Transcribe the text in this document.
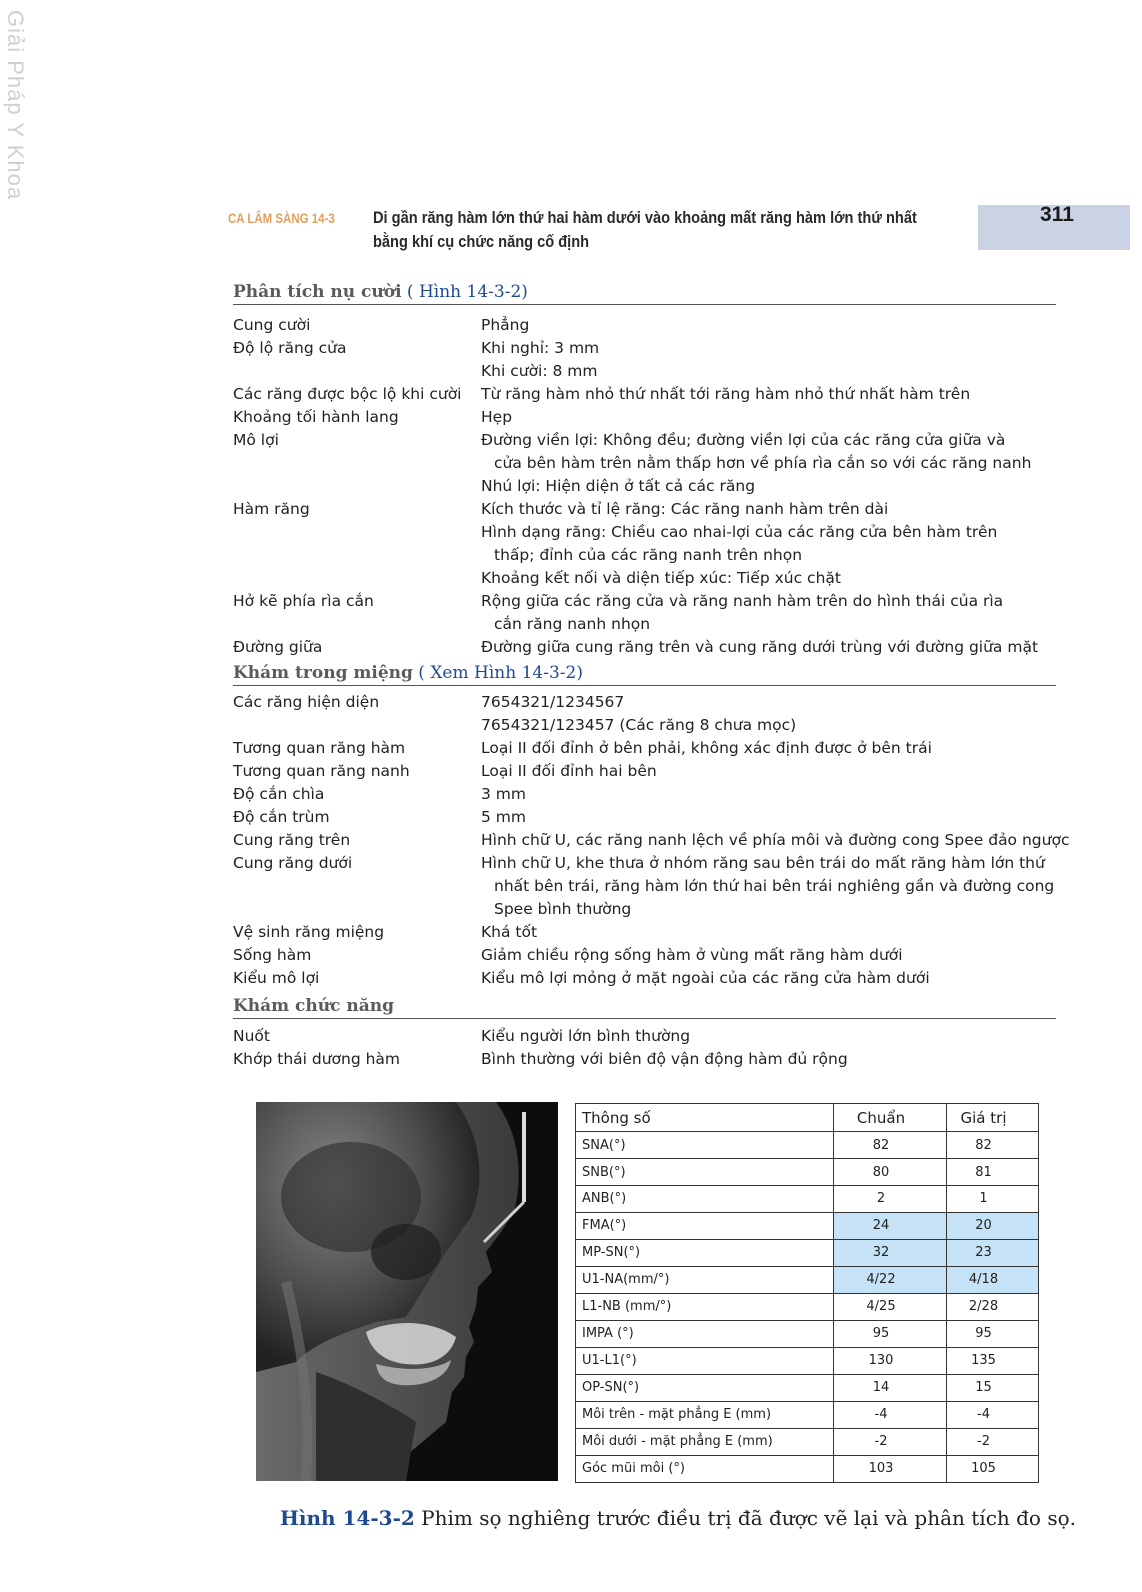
Giải Pháp Y Khoa
CA LÂM SÀNG 14-3 Di gần răng hàm lớn thứ hai hàm dưới vào khoảng mất răng hàm lớn thứ nhất
bằng khí cụ chức năng cố định
311
Phân tích nụ cười ( Hình 14-3-2)
Cung cười	Phẳng
Độ lộ răng cửa	Khi nghỉ: 3 mm
Khi cười: 8 mm
Các răng được bộc lộ khi cười	Từ răng hàm nhỏ thứ nhất tới răng hàm nhỏ thứ nhất hàm trên
Khoảng tối hành lang	Hẹp
Mô lợi	Đường viền lợi: Không đều; đường viền lợi của các răng cửa giữa và
cửa bên hàm trên nằm thấp hơn về phía rìa cắn so với các răng nanh
Nhú lợi: Hiện diện ở tất cả các răng
Hàm răng	Kích thước và tỉ lệ răng: Các răng nanh hàm trên dài
Hình dạng răng: Chiều cao nhai-lợi của các răng cửa bên hàm trên
thấp; đỉnh của các răng nanh trên nhọn
Khoảng kết nối và diện tiếp xúc: Tiếp xúc chặt
Hở kẽ phía rìa cắn	Rộng giữa các răng cửa và răng nanh hàm trên do hình thái của rìa
cắn răng nanh nhọn
Đường giữa	Đường giữa cung răng trên và cung răng dưới trùng với đường giữa mặt
Khám trong miệng ( Xem Hình 14-3-2)
Các răng hiện diện	7654321/1234567
7654321/123457 (Các răng 8 chưa mọc)
Tương quan răng hàm	Loại II đối đỉnh ở bên phải, không xác định được ở bên trái
Tương quan răng nanh	Loại II đối đỉnh hai bên
Độ cắn chìa	3 mm
Độ cắn trùm	5 mm
Cung răng trên	Hình chữ U, các răng nanh lệch về phía môi và đường cong Spee đảo ngược
Cung răng dưới	Hình chữ U, khe thưa ở nhóm răng sau bên trái do mất răng hàm lớn thứ
nhất bên trái, răng hàm lớn thứ hai bên trái nghiêng gần và đường cong
Spee bình thường
Vệ sinh răng miệng	Khá tốt
Sống hàm	Giảm chiều rộng sống hàm ở vùng mất răng hàm dưới
Kiểu mô lợi	Kiểu mô lợi mỏng ở mặt ngoài của các răng cửa hàm dưới
Khám chức năng
Nuốt	Kiểu người lớn bình thường
Khớp thái dương hàm	Bình thường với biên độ vận động hàm đủ rộng
Thông số	Chuẩn	Giá trị
SNA(°)	82	82
SNB(°)	80	81
ANB(°)	2	1
FMA(°)	24	20
MP-SN(°)	32	23
U1-NA(mm/°)	4/22	4/18
L1-NB (mm/°)	4/25	2/28
IMPA (°)	95	95
U1-L1(°)	130	135
OP-SN(°)	14	15
Môi trên - mặt phẳng E (mm)	-4	-4
Môi dưới - mặt phẳng E (mm)	-2	-2
Góc mũi môi (°)	103	105
Hình 14-3-2 Phim sọ nghiêng trước điều trị đã được vẽ lại và phân tích đo sọ.
